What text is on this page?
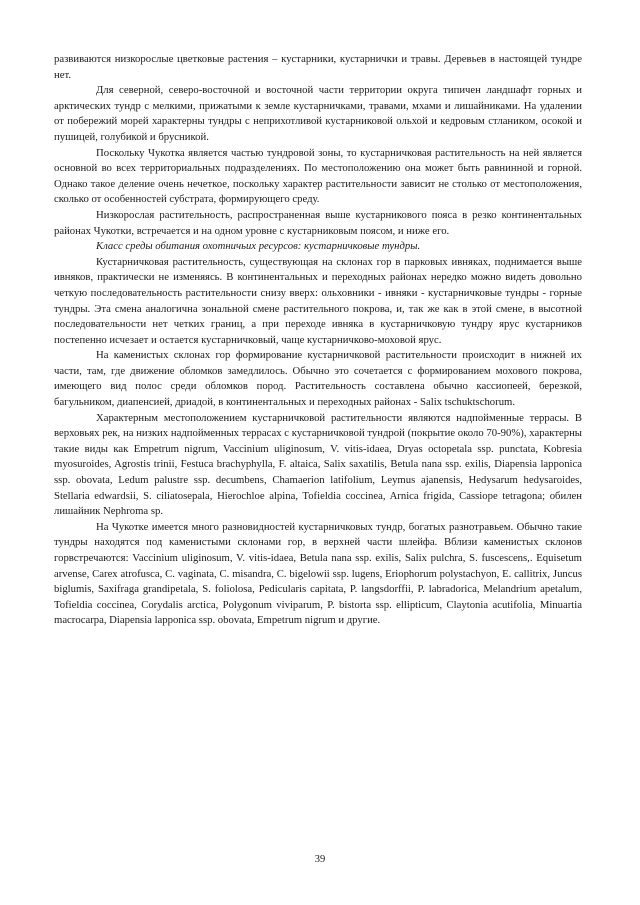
развиваются низкорослые цветковые растения – кустарники, кустарнички и травы. Деревьев в настоящей тундре нет.

Для северной, северо-восточной и восточной части территории округа типичен ландшафт горных и арктических тундр с мелкими, прижатыми к земле кустарничками, травами, мхами и лишайниками. На удалении от побережий морей характерны тундры с неприхотливой кустарниковой ольхой и кедровым стлаником, осокой и пушицей, голубикой и брусникой.

Поскольку Чукотка является частью тундровой зоны, то кустарничковая растительность на ней является основной во всех территориальных подразделениях. По местоположению она может быть равнинной и горной. Однако такое деление очень нечеткое, поскольку характер растительности зависит не столько от местоположения, сколько от особенностей субстрата, формирующего среду.

Низкорослая растительность, распространенная выше кустарникового пояса в резко континентальных районах Чукотки, встречается и на одном уровне с кустарниковым поясом, и ниже его.

Класс среды обитания охотничьих ресурсов: кустарничковые тундры.

Кустарничковая растительность, существующая на склонах гор в парковых ивняках, поднимается выше ивняков, практически не изменяясь. В континентальных и переходных районах нередко можно видеть довольно четкую последовательность растительности снизу вверх: ольховники - ивняки - кустарничковые тундры - горные тундры. Эта смена аналогична зональной смене растительного покрова, и, так же как в этой смене, в высотной последовательности нет четких границ, а при переходе ивняка в кустарничковую тундру ярус кустарников постепенно исчезает и остается кустарничковый, чаще кустарничково-моховой ярус.

На каменистых склонах гор формирование кустарничковой растительности происходит в нижней их части, там, где движение обломков замедлилось. Обычно это сочетается с формированием мохового покрова, имеющего вид полос среди обломков пород. Растительность составлена обычно кассиопеей, березкой, багульником, диапенсией, дриадой, в континентальных и переходных районах - Salix tschuktschorum.

Характерным местоположением кустарничковой растительности являются надпойменные террасы. В верховьях рек, на низких надпойменных террасах с кустарничковой тундрой (покрытие около 70-90%), характерны такие виды как Empetrum nigrum, Vaccinium uliginosum, V. vitis-idaea, Dryas octopetala ssp. punctata, Kobresia myosuroides, Agrostis trinii, Festuca brachyphylla, F. altaica, Salix saxatilis, Betula nana ssp. exilis, Diapensia lapponica ssp. obovata, Ledum palustre ssp. decumbens, Chamaerion latifolium, Leymus ajanensis, Hedysarum hedysaroides, Stellaria edwardsii, S. ciliatosepala, Hierochloe alpina, Tofieldia coccinea, Arnica frigida, Cassiope tetragona; обилен лишайник Nephroma sp.

На Чукотке имеется много разновидностей кустарничковых тундр, богатых разнотравьем. Обычно такие тундры находятся под каменистыми склонами гор, в верхней части шлейфа. Вблизи каменистых склонов горвстречаются: Vaccinium uliginosum, V. vitis-idaea, Betula nana ssp. exilis, Salix pulchra, S. fuscescens,. Equisetum arvense, Carex atrofusca, C. vaginata, C. misandra, C. bigelowii ssp. lugens, Eriophorum polystachyon, E. callitrix, Juncus biglumis, Saxifraga grandipetala, S. foliolosa, Pedicularis capitata, P. langsdorffii, P. labradorica, Melandrium apetalum, Tofieldia coccinea, Corydalis arctica, Polygonum viviparum, P. bistorta ssp. ellipticum, Claytonia acutifolia, Minuartia macrocarpa, Diapensia lapponica ssp. obovata, Empetrum nigrum и другие.

39
